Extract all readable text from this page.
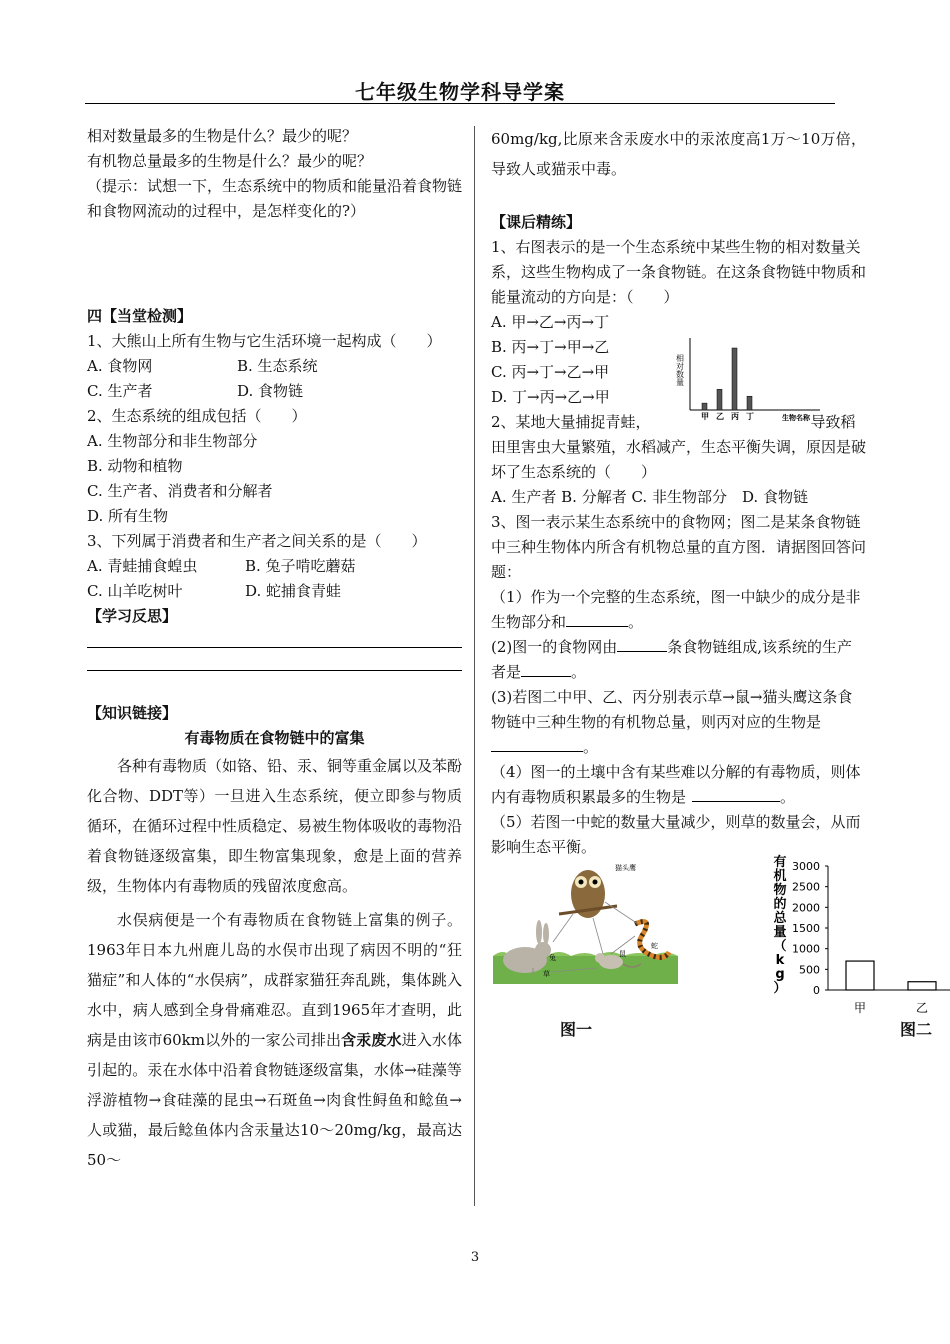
七年级生物学科导学案

相对数量最多的生物是什么？最少的呢？

有机物总量最多的生物是什么？最少的呢？

（提示：试想一下，生态系统中的物质和能量沿着食物链和食物网流动的过程中，是怎样变化的?）

四【当堂检测】

1、大熊山上所有生物与它生活环境一起构成（　　）

A. 食物网	B. 生态系统
C. 生产者	D. 食物链

2、生态系统的组成包括（　　）

A. 生物部分和非生物部分

B. 动物和植物

C. 生产者、消费者和分解者

D. 所有生物

3、下列属于消费者和生产者之间关系的是（　　）

A. 青蛙捕食蝗虫	B. 兔子啃吃蘑菇
C. 山羊吃树叶	D. 蛇捕食青蛙

【学习反思】

【知识链接】

有毒物质在食物链中的富集

各种有毒物质（如铬、铅、汞、铜等重金属以及苯酚化合物、DDT等）一旦进入生态系统，便立即参与物质循环，在循环过程中性质稳定、易被生物体吸收的毒物沿着食物链逐级富集，即生物富集现象，愈是上面的营养级，生物体内有毒物质的残留浓度愈高。

水俣病便是一个有毒物质在食物链上富集的例子。1963年日本九州鹿儿岛的水俣市出现了病因不明的“狂猫症”和人体的“水俣病”，成群家猫狂奔乱跳，集体跳入水中，病人感到全身骨痛难忍。直到1965年才查明，此病是由该市60km以外的一家公司排出含汞废水进入水体引起的。汞在水体中沿着食物链逐级富集，水体→硅藻等浮游植物→食硅藻的昆虫→石斑鱼→肉食性鲟鱼和鲶鱼→人或猫，最后鲶鱼体内含汞量达10～20mg/kg，最高达50～

60mg/kg,比原来含汞废水中的汞浓度高1万～10万倍，导致人或猫汞中毒。

【课后精练】

1、右图表示的是一个生态系统中某些生物的相对数量关系，这些生物构成了一条食物链。在这条食物链中物质和能量流动的方向是：（　　）

A. 甲→乙→丙→丁

B. 丙→丁→甲→乙

C. 丙→丁→乙→甲

D. 丁→丙→乙→甲

2、某地大量捕捉青蛙，	导致稻田里害虫大量繁殖，水稻减产，生态平衡失调，原因是破坏了生态系统的（　　）

A. 生产者 B. 分解者 C. 非生物部分　D. 食物链

3、图一表示某生态系统中的食物网；图二是某条食物链中三种生物体内所含有机物总量的直方图．请据图回答问题：

（1）作为一个完整的生态系统，图一中缺少的成分是非生物部分和	。

(2)图一的食物网由	条食物链组成,该系统的生产者是	。

(3)若图二中甲、乙、丙分别表示草→鼠→猫头鹰这条食物链中三种生物的有机物总量，则丙对应的生物是。

（4）图一的土壤中含有某些难以分解的有毒物质，则体内有毒物质积累最多的生物是	。

（5）若图一中蛇的数量大量减少，则草的数量会，从而影响生态平衡。

相对数量
生物名称
甲 乙 丙 丁
猫头鹰
蛇
兔	鼠
草
图一
有
机
物
的
总
量
（
k
g
）
3000
2500
2000
1500
1000
500
0
甲	乙
图二
3
